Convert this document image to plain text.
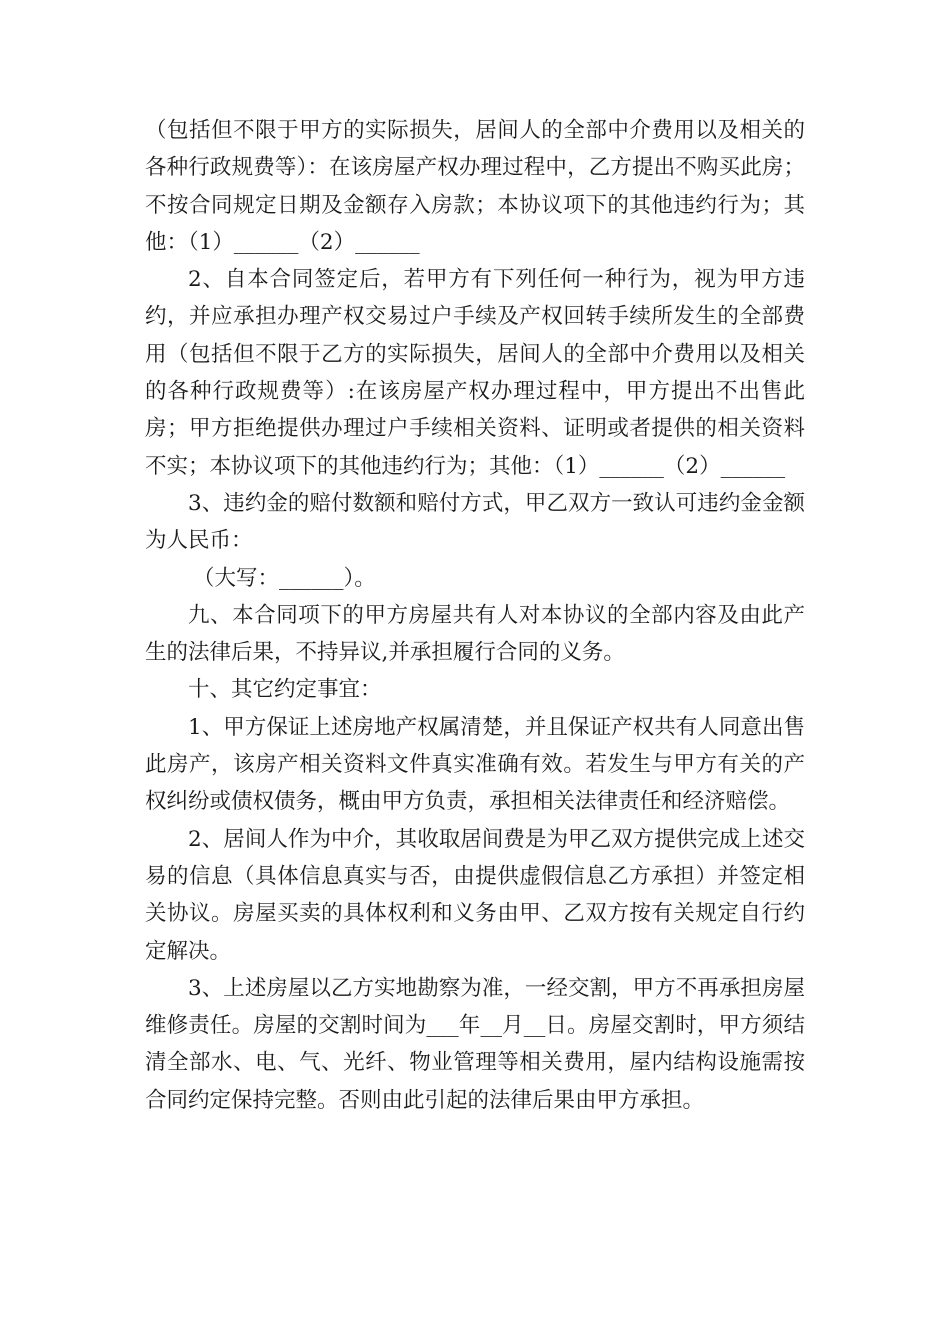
（包括但不限于甲方的实际损失，居间人的全部中介费用以及相关的各种行政规费等）：在该房屋产权办理过程中，乙方提出不购买此房；不按合同规定日期及金额存入房款；本协议项下的其他违约行为；其他：（1）______（2）______

2、自本合同签定后，若甲方有下列任何一种行为，视为甲方违约，并应承担办理产权交易过户手续及产权回转手续所发生的全部费用（包括但不限于乙方的实际损失，居间人的全部中介费用以及相关的各种行政规费等）:在该房屋产权办理过程中，甲方提出不出售此房；甲方拒绝提供办理过户手续相关资料、证明或者提供的相关资料不实；本协议项下的其他违约行为；其他：（1）______（2）______

3、违约金的赔付数额和赔付方式，甲乙双方一致认可违约金金额为人民币：

（大写：______）。

九、本合同项下的甲方房屋共有人对本协议的全部内容及由此产生的法律后果，不持异议,并承担履行合同的义务。

十、其它约定事宜：

1、甲方保证上述房地产权属清楚，并且保证产权共有人同意出售此房产，该房产相关资料文件真实准确有效。若发生与甲方有关的产权纠纷或债权债务，概由甲方负责，承担相关法律责任和经济赔偿。

2、居间人作为中介，其收取居间费是为甲乙双方提供完成上述交易的信息（具体信息真实与否，由提供虚假信息乙方承担）并签定相关协议。房屋买卖的具体权利和义务由甲、乙双方按有关规定自行约定解决。

3、上述房屋以乙方实地勘察为准，一经交割，甲方不再承担房屋维修责任。房屋的交割时间为___年__月__日。房屋交割时，甲方须结清全部水、电、气、光纤、物业管理等相关费用，屋内结构设施需按合同约定保持完整。否则由此引起的法律后果由甲方承担。
